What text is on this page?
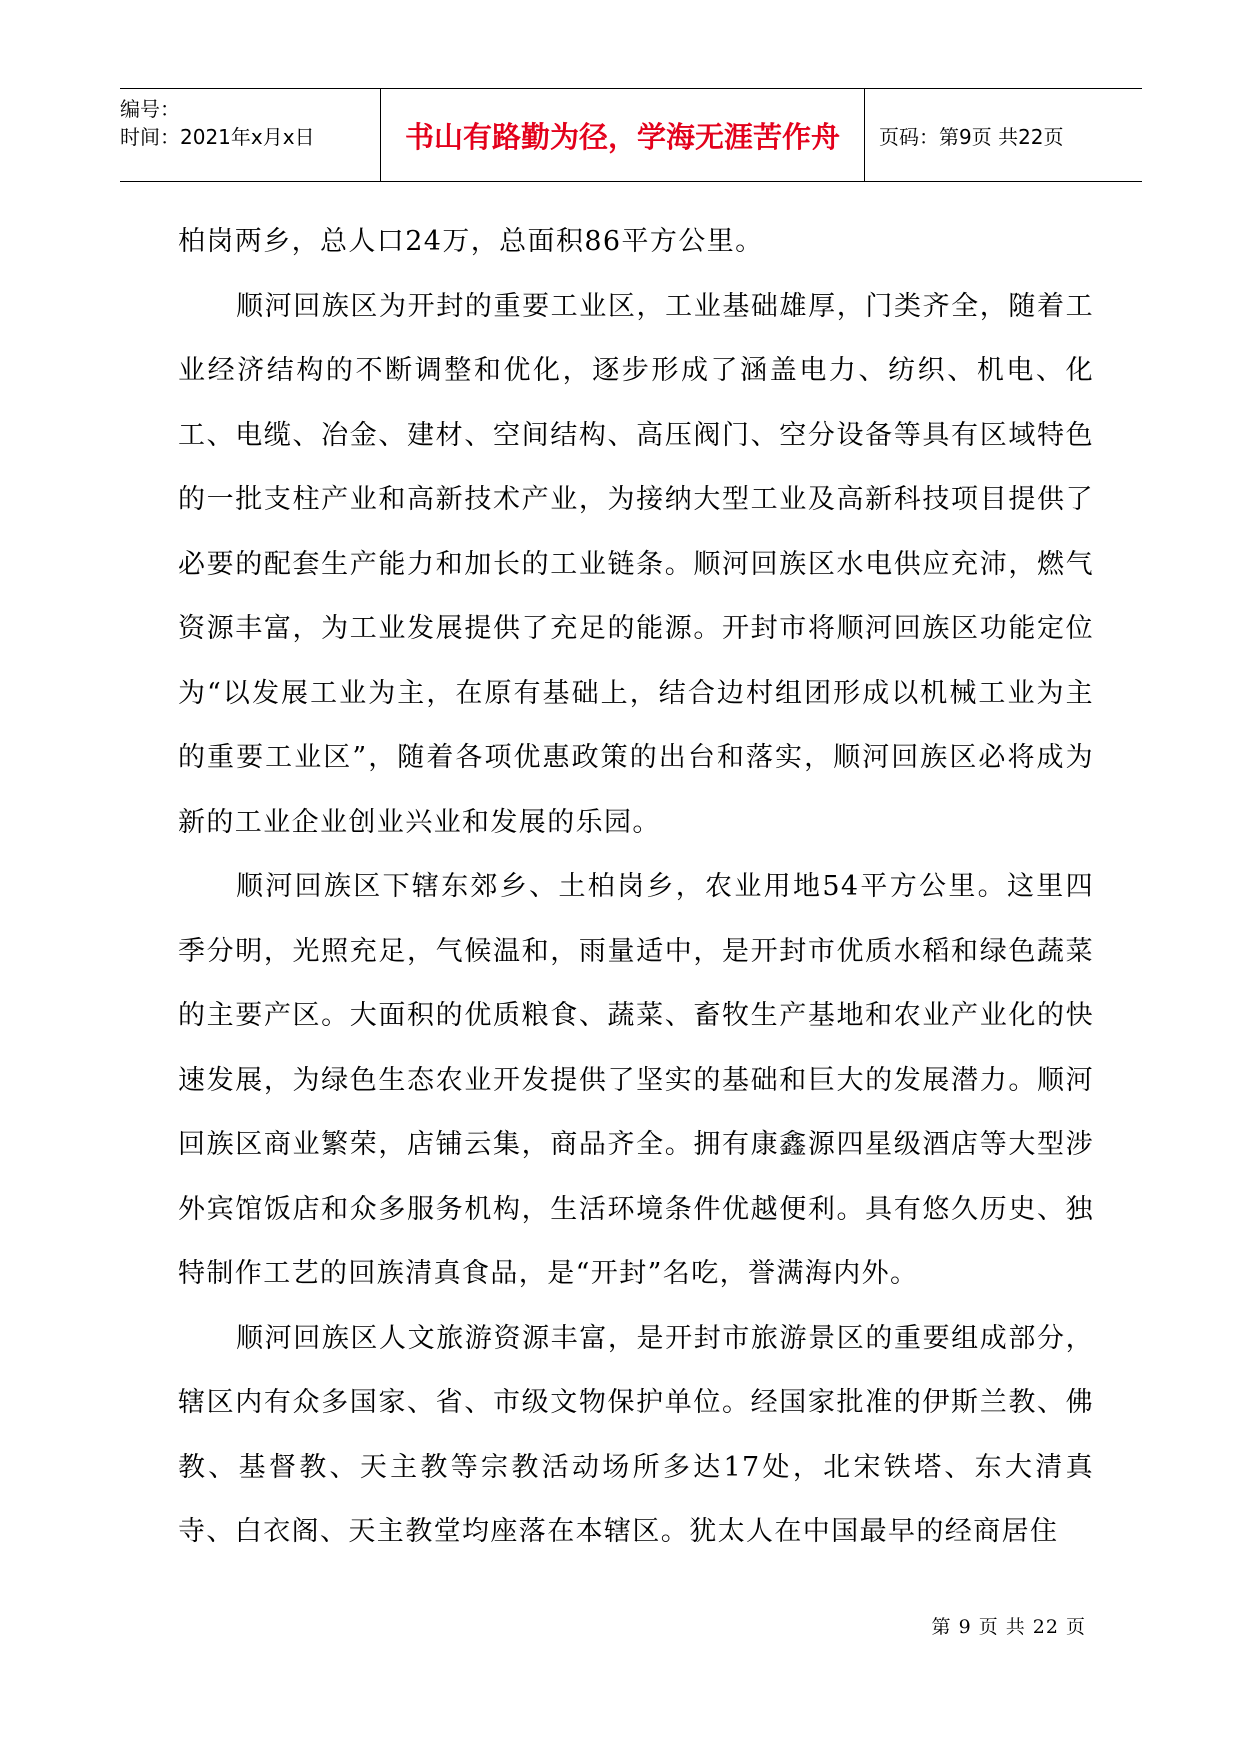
编号：
时间：2021年x月x日	书山有路勤为径，学海无涯苦作舟 页码：第9页 共22页

柏岗两乡，总人口24万，总面积86平方公里。

顺河回族区为开封的重要工业区，工业基础雄厚，门类齐全，随着工业经济结构的不断调整和优化，逐步形成了涵盖电力、纺织、机电、化工、电缆、冶金、建材、空间结构、高压阀门、空分设备等具有区域特色的一批支柱产业和高新技术产业，为接纳大型工业及高新科技项目提供了必要的配套生产能力和加长的工业链条。顺河回族区水电供应充沛，燃气资源丰富，为工业发展提供了充足的能源。开封市将顺河回族区功能定位为“以发展工业为主，在原有基础上，结合边村组团形成以机械工业为主的重要工业区”，随着各项优惠政策的出台和落实，顺河回族区必将成为新的工业企业创业兴业和发展的乐园。

顺河回族区下辖东郊乡、土柏岗乡，农业用地54平方公里。这里四季分明，光照充足，气候温和，雨量适中，是开封市优质水稻和绿色蔬菜的主要产区。大面积的优质粮食、蔬菜、畜牧生产基地和农业产业化的快速发展，为绿色生态农业开发提供了坚实的基础和巨大的发展潜力。顺河回族区商业繁荣，店铺云集，商品齐全。拥有康鑫源四星级酒店等大型涉外宾馆饭店和众多服务机构，生活环境条件优越便利。具有悠久历史、独特制作工艺的回族清真食品，是“开封”名吃，誉满海内外。

顺河回族区人文旅游资源丰富，是开封市旅游景区的重要组成部分，辖区内有众多国家、省、市级文物保护单位。经国家批准的伊斯兰教、佛教、基督教、天主教等宗教活动场所多达17处，北宋铁塔、东大清真寺、白衣阁、天主教堂均座落在本辖区。犹太人在中国最早的经商居住

第 9 页 共 22 页
